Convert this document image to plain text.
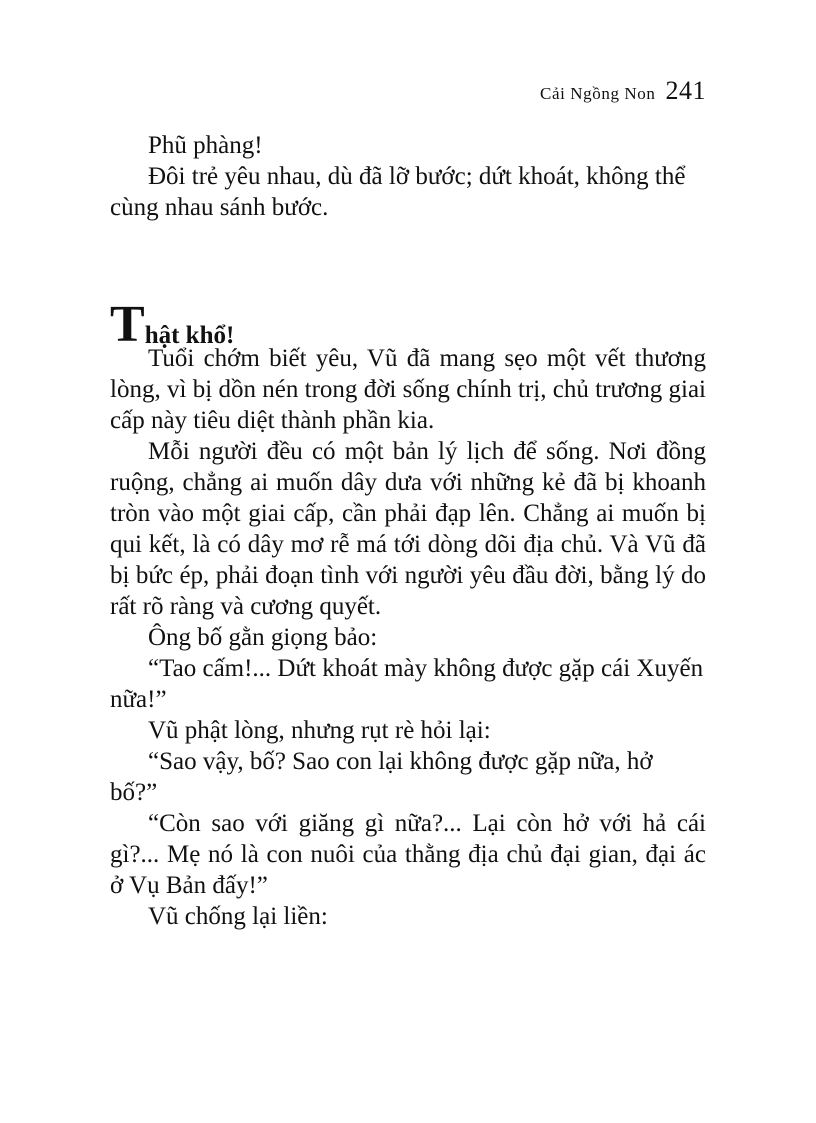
Cải Ngồng Non 241

Phũ phàng!

Đôi trẻ yêu nhau, dù đã lỡ bước; dứt khoát, không thể cùng nhau sánh bước.

Thật khổ!

Tuổi chớm biết yêu, Vũ đã mang sẹo một vết thương lòng, vì bị dồn nén trong đời sống chính trị, chủ trương giai cấp này tiêu diệt thành phần kia.

Mỗi người đều có một bản lý lịch để sống. Nơi đồng ruộng, chẳng ai muốn dây dưa với những kẻ đã bị khoanh tròn vào một giai cấp, cần phải đạp lên. Chẳng ai muốn bị qui kết, là có dây mơ rễ má tới dòng dõi địa chủ. Và Vũ đã bị bức ép, phải đoạn tình với người yêu đầu đời, bằng lý do rất rõ ràng và cương quyết.

Ông bố gằn giọng bảo:

“Tao cấm!... Dứt khoát mày không được gặp cái Xuyến nữa!”

Vũ phật lòng, nhưng rụt rè hỏi lại:

“Sao vậy, bố? Sao con lại không được gặp nữa, hở bố?”

“Còn sao với giăng gì nữa?... Lại còn hở với hả cái gì?... Mẹ nó là con nuôi của thằng địa chủ đại gian, đại ác ở Vụ Bản đấy!”

Vũ chống lại liền:
